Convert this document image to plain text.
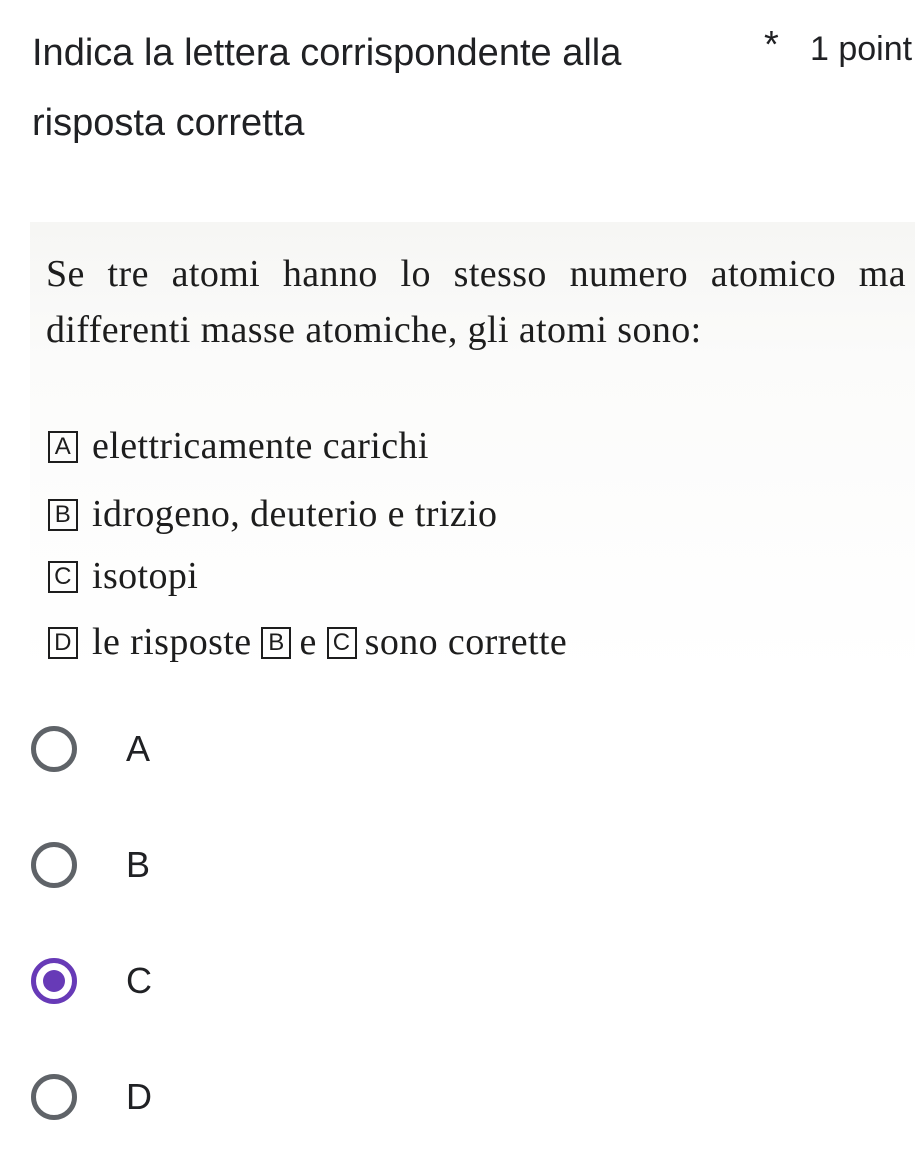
Indica la lettera corrispondente alla risposta corretta
* 1 point
Se tre atomi hanno lo stesso numero atomico ma differenti masse atomiche, gli atomi sono:
A elettricamente carichi
B idrogeno, deuterio e trizio
C isotopi
D le risposte B e C sono corrette
A
B
C
D
